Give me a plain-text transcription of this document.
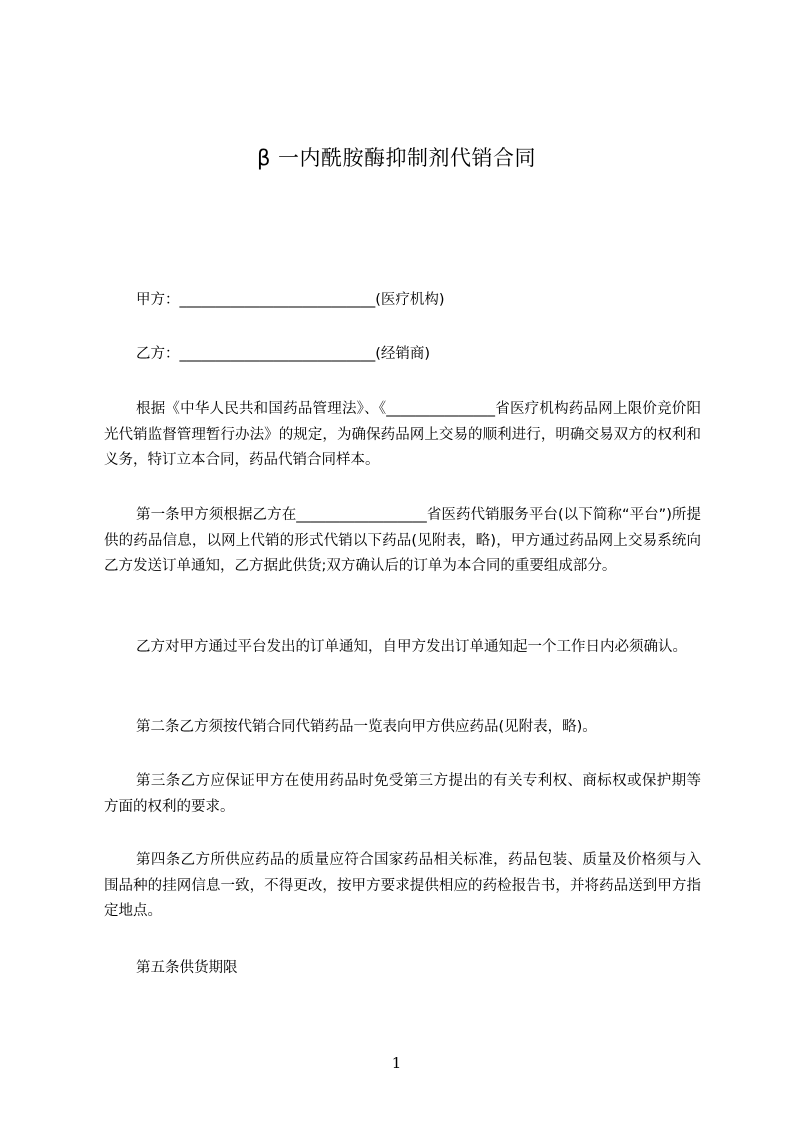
β 一内酰胺酶抑制剂代销合同
甲方：___________________________(医疗机构)
乙方：___________________________(经销商)

根据《中华人民共和国药品管理法》、《_______________省医疗机构药品网上限价竞价阳光代销监督管理暂行办法》的规定，为确保药品网上交易的顺利进行，明确交易双方的权利和义务，特订立本合同，药品代销合同样本。

第一条甲方须根据乙方在__________________省医药代销服务平台(以下简称“平台”)所提供的药品信息，以网上代销的形式代销以下药品(见附表，略)，甲方通过药品网上交易系统向乙方发送订单通知，乙方据此供货;双方确认后的订单为本合同的重要组成部分。

乙方对甲方通过平台发出的订单通知，自甲方发出订单通知起一个工作日内必须确认。

第二条乙方须按代销合同代销药品一览表向甲方供应药品(见附表，略)。

第三条乙方应保证甲方在使用药品时免受第三方提出的有关专利权、商标权或保护期等方面的权利的要求。

第四条乙方所供应药品的质量应符合国家药品相关标准，药品包装、质量及价格须与入围品种的挂网信息一致，不得更改，按甲方要求提供相应的药检报告书，并将药品送到甲方指定地点。

第五条供货期限

1
